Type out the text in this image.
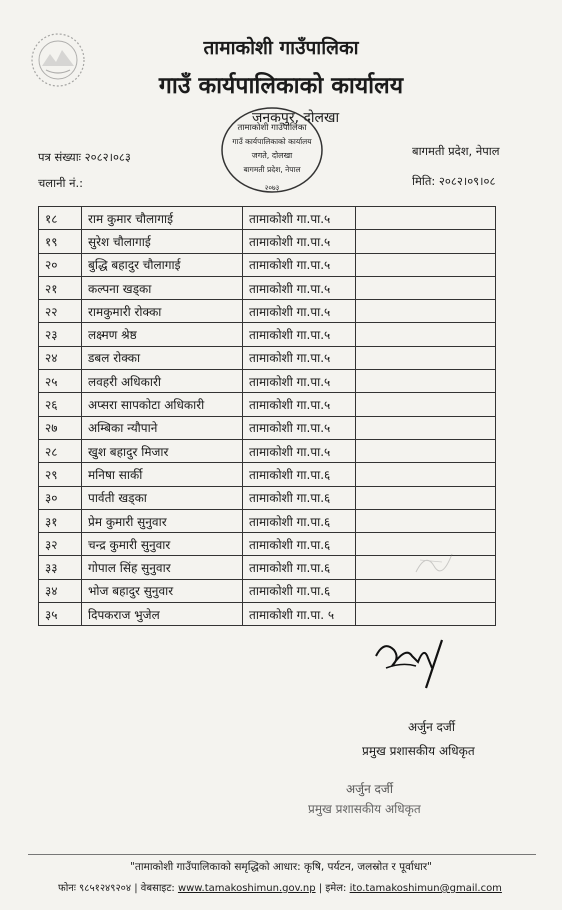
तामाकोशी गाउँपालिका
गाउँ कार्यपालिकाको कार्यालय
जनकपुर, दोलखा
पत्र संख्याः २०८२।०८३
चलानी नं.:
बागमती प्रदेश, नेपाल
मिति: २०८२।०९।०८
तामाकोशी गाउँपालिका
गाउँ कार्यपालिकाको कार्यालय
जगते, दोलखा
बागमती प्रदेश, नेपाल
२०७३
१८	राम कुमार चौलागाई	तामाकोशी गा.पा.५	
१९	सुरेश चौलागाई	तामाकोशी गा.पा.५	
२०	बुद्धि बहादुर चौलागाई	तामाकोशी गा.पा.५	
२१	कल्पना खड्का	तामाकोशी गा.पा.५	
२२	रामकुमारी रोक्का	तामाकोशी गा.पा.५	
२३	लक्ष्मण श्रेष्ठ	तामाकोशी गा.पा.५	
२४	डबल रोक्का	तामाकोशी गा.पा.५	
२५	लवहरी अधिकारी	तामाकोशी गा.पा.५	
२६	अप्सरा सापकोटा अधिकारी	तामाकोशी गा.पा.५	
२७	अम्बिका न्यौपाने	तामाकोशी गा.पा.५	
२८	खुश बहादुर मिजार	तामाकोशी गा.पा.५	
२९	मनिषा सार्की	तामाकोशी गा.पा.६	
३०	पार्वती खड्का	तामाकोशी गा.पा.६	
३१	प्रेम कुमारी सुनुवार	तामाकोशी गा.पा.६	
३२	चन्द्र कुमारी सुनुवार	तामाकोशी गा.पा.६	
३३	गोपाल सिंह सुनुवार	तामाकोशी गा.पा.६	
३४	भोज बहादुर सुनुवार	तामाकोशी गा.पा.६	
३५	दिपकराज भुजेल	तामाकोशी गा.पा. ५	
अर्जुन दर्जी
प्रमुख प्रशासकीय अधिकृत
अर्जुन दर्जी
प्रमुख प्रशासकीय अधिकृत
"तामाकोशी गाउँपालिकाको समृद्धिको आधार: कृषि, पर्यटन, जलस्रोत र पूर्वाधार"
फोनः ९८५१२४९२०४ | वेबसाइट: www.tamakoshimun.gov.np | इमेल: ito.tamakoshimun@gmail.com
